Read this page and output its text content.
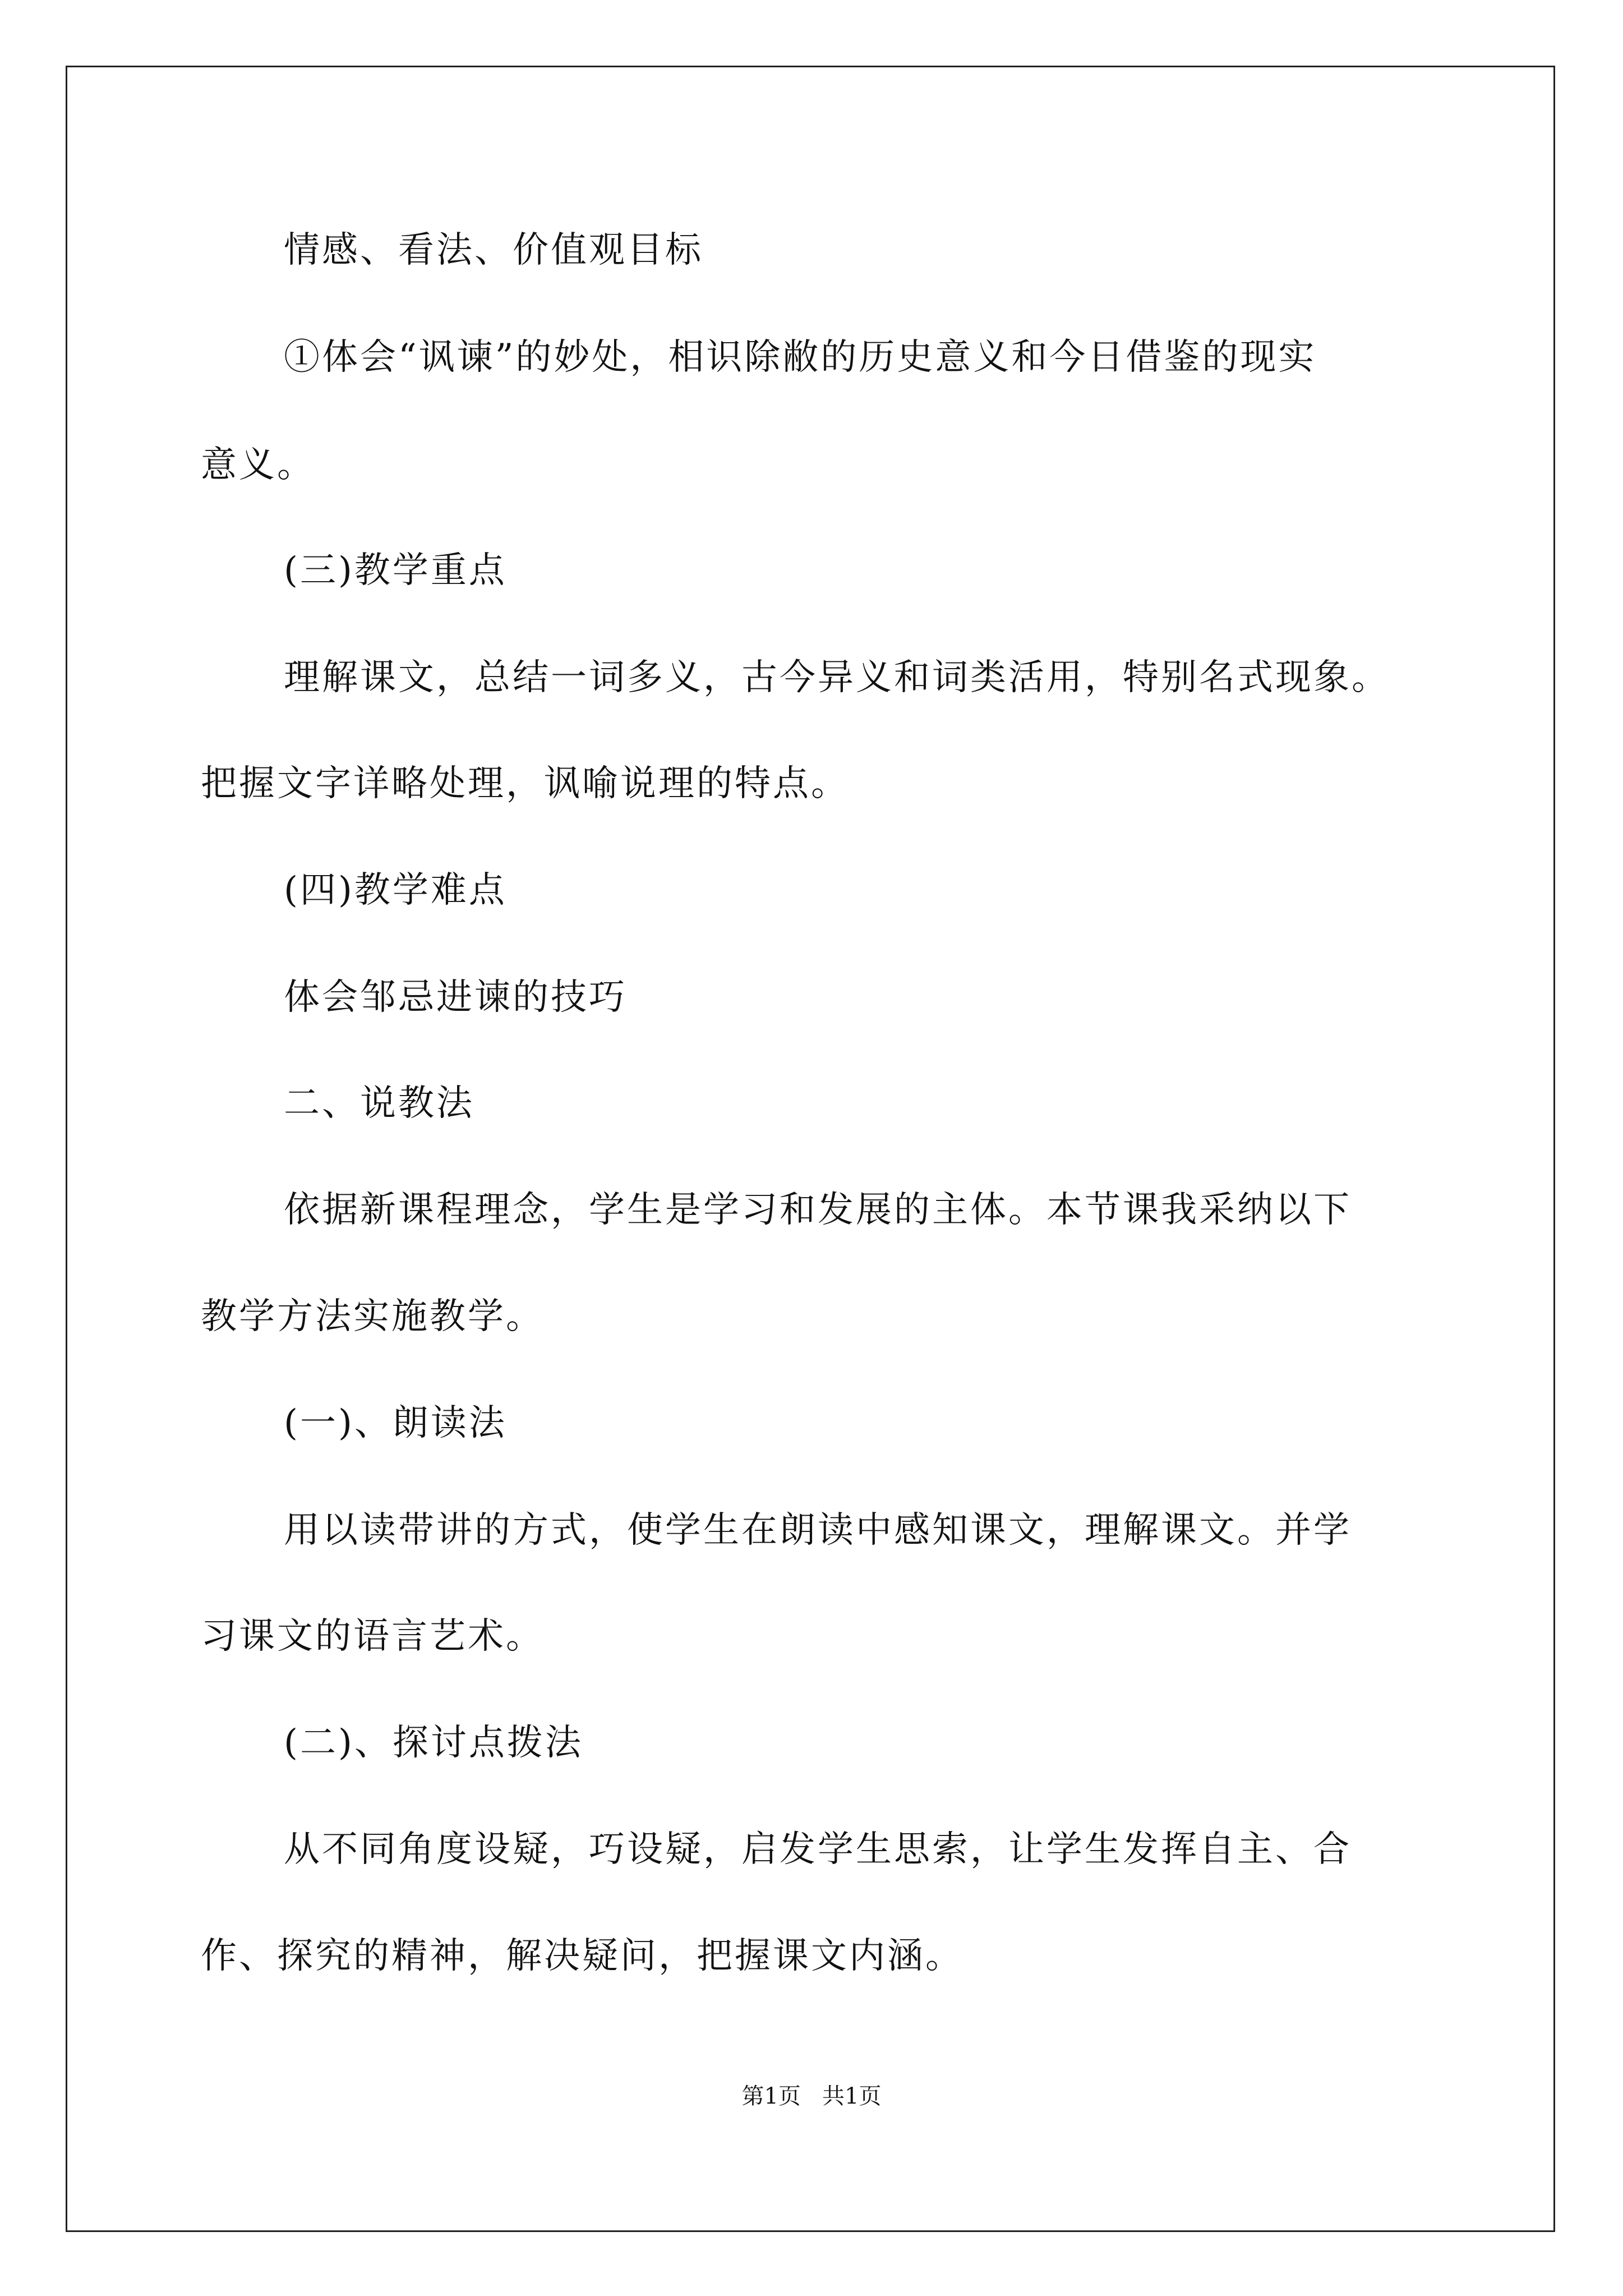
情感、看法、价值观目标

①体会“讽谏”的妙处，相识除敝的历史意义和今日借鉴的现实

意义。

(三)教学重点

理解课文，总结一词多义，古今异义和词类活用，特别名式现象。

把握文字详略处理，讽喻说理的特点。

(四)教学难点

体会邹忌进谏的技巧

二、说教法

依据新课程理念，学生是学习和发展的主体。本节课我采纳以下

教学方法实施教学。

(一)、朗读法

用以读带讲的方式，使学生在朗读中感知课文，理解课文。并学

习课文的语言艺术。

(二)、探讨点拨法

从不同角度设疑，巧设疑，启发学生思索，让学生发挥自主、合

作、探究的精神，解决疑问，把握课文内涵。

第1页   共1页
